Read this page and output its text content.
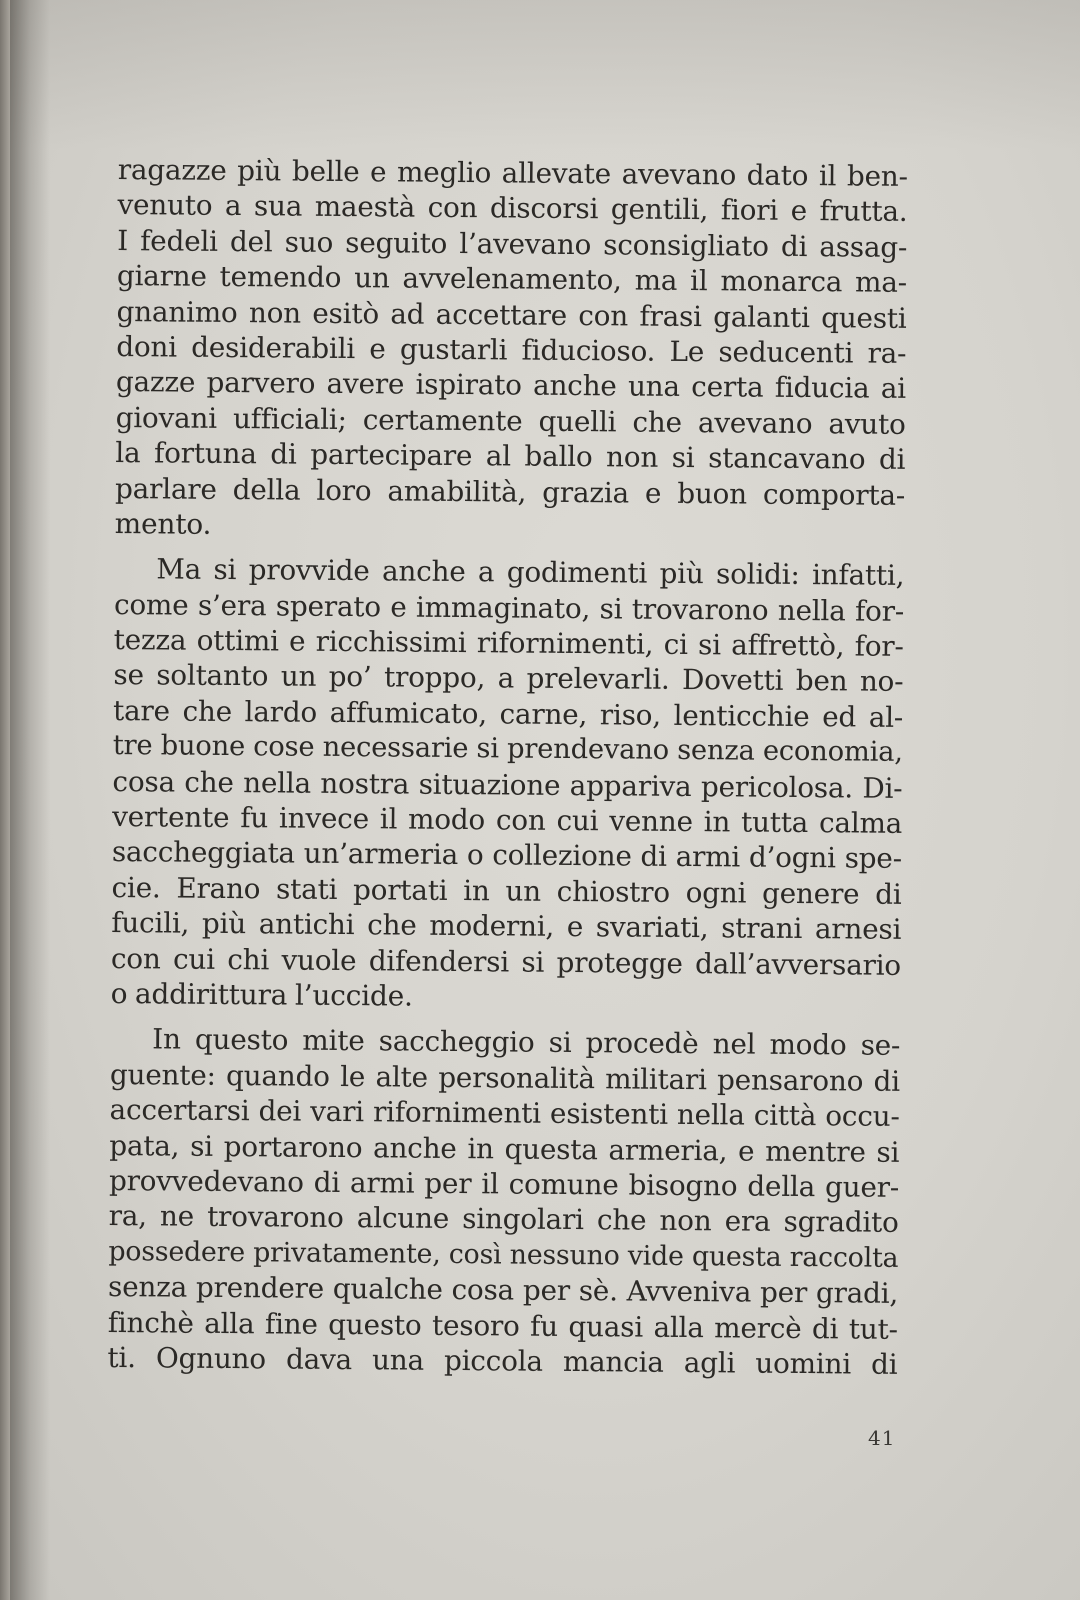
ragazze più belle e meglio allevate avevano dato il ben-
venuto a sua maestà con discorsi gentili, fiori e frutta.
I fedeli del suo seguito l’avevano sconsigliato di assag-
giarne temendo un avvelenamento, ma il monarca ma-
gnanimo non esitò ad accettare con frasi galanti questi
doni desiderabili e gustarli fiducioso. Le seducenti ra-
gazze parvero avere ispirato anche una certa fiducia ai
giovani ufficiali; certamente quelli che avevano avuto
la fortuna di partecipare al ballo non si stancavano di
parlare della loro amabilità, grazia e buon comporta-
mento.
Ma si provvide anche a godimenti più solidi: infatti,
come s’era sperato e immaginato, si trovarono nella for-
tezza ottimi e ricchissimi rifornimenti, ci si affrettò, for-
se soltanto un po’ troppo, a prelevarli. Dovetti ben no-
tare che lardo affumicato, carne, riso, lenticchie ed al-
tre buone cose necessarie si prendevano senza economia,
cosa che nella nostra situazione appariva pericolosa. Di-
vertente fu invece il modo con cui venne in tutta calma
saccheggiata un’armeria o collezione di armi d’ogni spe-
cie. Erano stati portati in un chiostro ogni genere di
fucili, più antichi che moderni, e svariati, strani arnesi
con cui chi vuole difendersi si protegge dall’avversario
o addirittura l’uccide.
In questo mite saccheggio si procedè nel modo se-
guente: quando le alte personalità militari pensarono di
accertarsi dei vari rifornimenti esistenti nella città occu-
pata, si portarono anche in questa armeria, e mentre si
provvedevano di armi per il comune bisogno della guer-
ra, ne trovarono alcune singolari che non era sgradito
possedere privatamente, così nessuno vide questa raccolta
senza prendere qualche cosa per sè. Avveniva per gradi,
finchè alla fine questo tesoro fu quasi alla mercè di tut-
ti. Ognuno dava una piccola mancia agli uomini di
41
